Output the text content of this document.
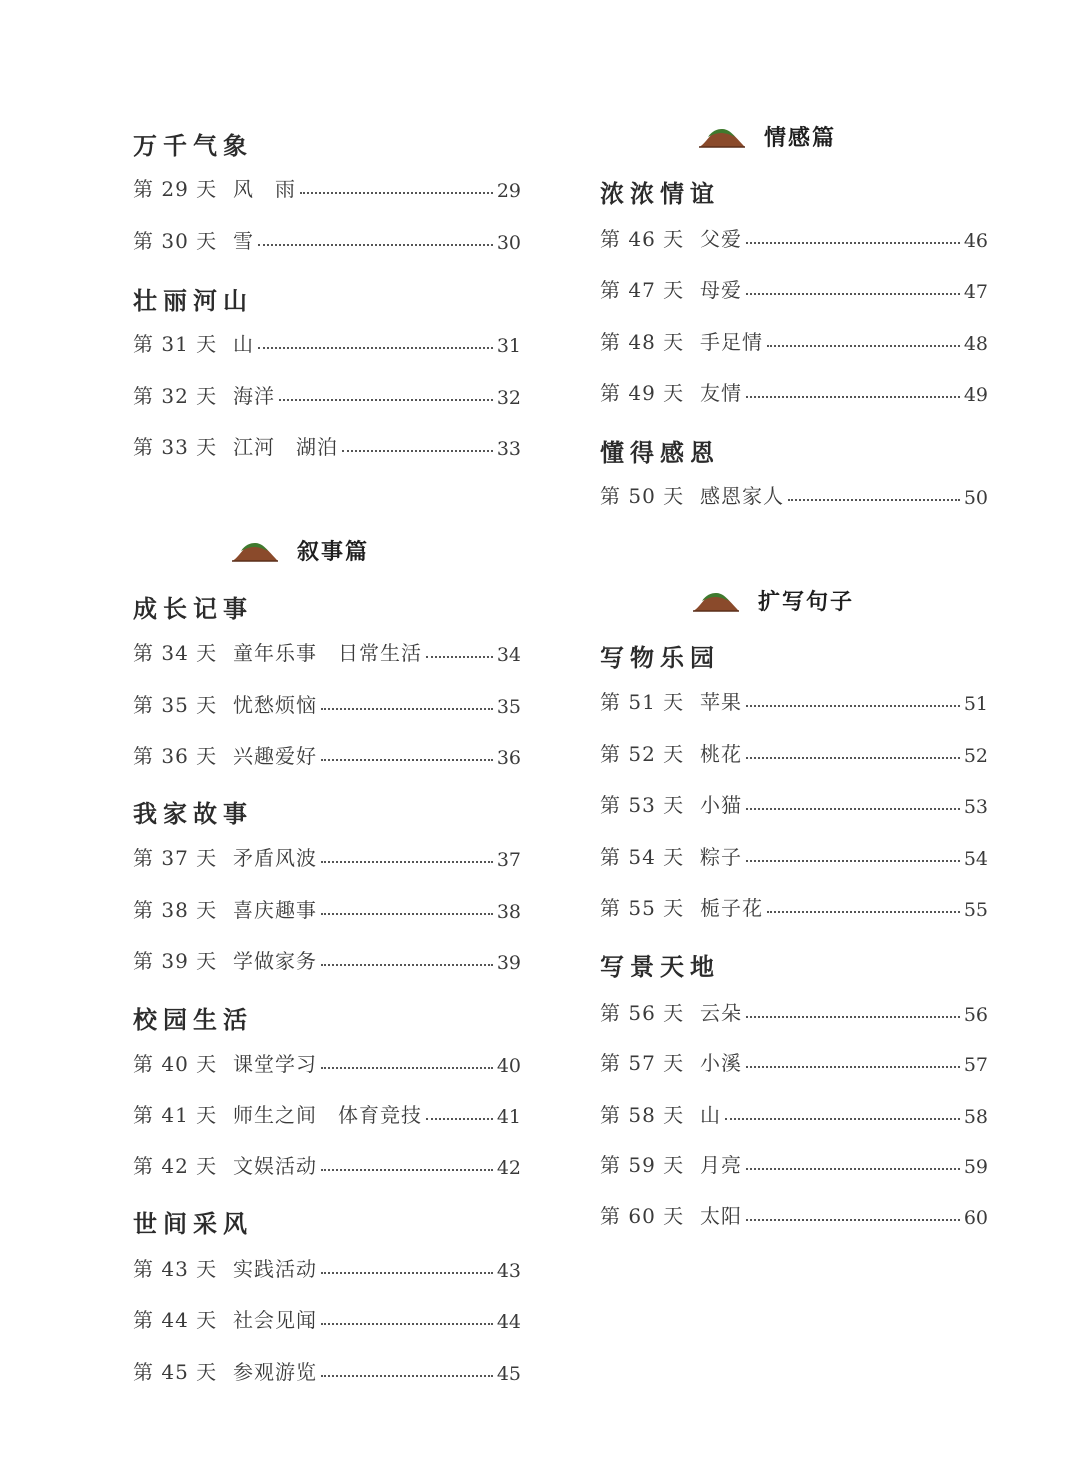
万千气象
第 29 天 风　雨	29
第 30 天 雪	30
壮丽河山
第 31 天 山	31
第 32 天 海洋	32
第 33 天 江河　湖泊	33
叙事篇
成长记事
第 34 天 童年乐事　日常生活	34
第 35 天 忧愁烦恼	35
第 36 天 兴趣爱好	36
我家故事
第 37 天 矛盾风波	37
第 38 天 喜庆趣事	38
第 39 天 学做家务	39
校园生活
第 40 天 课堂学习	40
第 41 天 师生之间　体育竞技	41
第 42 天 文娱活动	42
世间采风
第 43 天 实践活动	43
第 44 天 社会见闻	44
第 45 天 参观游览	45
情感篇
浓浓情谊
第 46 天 父爱	46
第 47 天 母爱	47
第 48 天 手足情	48
第 49 天 友情	49
懂得感恩
第 50 天 感恩家人	50
扩写句子
写物乐园
第 51 天 苹果	51
第 52 天 桃花	52
第 53 天 小猫	53
第 54 天 粽子	54
第 55 天 栀子花	55
写景天地
第 56 天 云朵	56
第 57 天 小溪	57
第 58 天 山	58
第 59 天 月亮	59
第 60 天 太阳	60
